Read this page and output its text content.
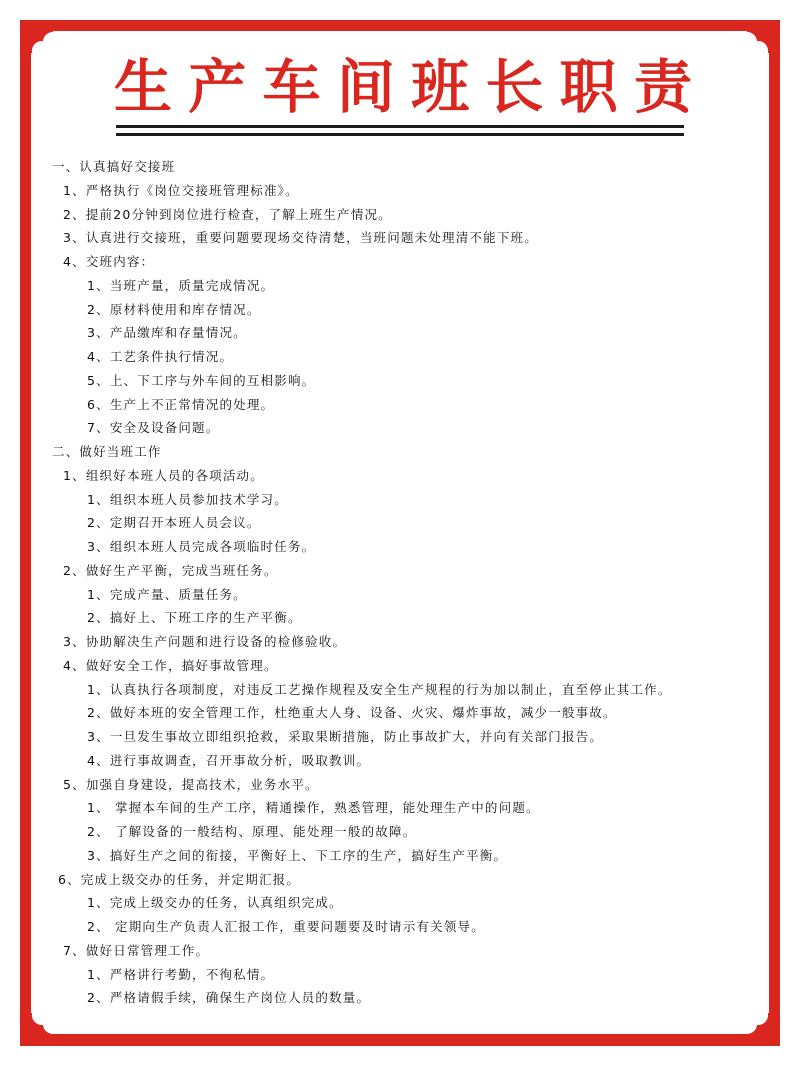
生 产 车 间 班 长 职 责
一、认真搞好交接班
1、严格执行《岗位交接班管理标准》。
2、提前20分钟到岗位进行检查，了解上班生产情况。
3、认真进行交接班，重要问题要现场交待清楚，当班问题未处理清不能下班。
4、交班内容：
1、当班产量，质量完成情况。
2、原材料使用和库存情况。
3、产品缴库和存量情况。
4、工艺条件执行情况。
5、上、下工序与外车间的互相影响。
6、生产上不正常情况的处理。
7、安全及设备问题。
二、做好当班工作
1、组织好本班人员的各项活动。
1、组织本班人员参加技术学习。
2、定期召开本班人员会议。
3、组织本班人员完成各项临时任务。
2、做好生产平衡，完成当班任务。
1、完成产量、质量任务。
2、搞好上、下班工序的生产平衡。
3、协助解决生产问题和进行设备的检修验收。
4、做好安全工作，搞好事故管理。
1、认真执行各项制度，对违反工艺操作规程及安全生产规程的行为加以制止，直至停止其工作。
2、做好本班的安全管理工作，杜绝重大人身、设备、火灾、爆炸事故，减少一般事故。
3、一旦发生事故立即组织抢救，采取果断措施，防止事故扩大，并向有关部门报告。
4、进行事故调查，召开事故分析，吸取教训。
5、加强自身建设，提高技术，业务水平。
1、 掌握本车间的生产工序，精通操作，熟悉管理，能处理生产中的问题。
2、 了解设备的一般结构、原理、能处理一般的故障。
3、搞好生产之间的衔接，平衡好上、下工序的生产，搞好生产平衡。
6、完成上级交办的任务，并定期汇报。
1、完成上级交办的任务，认真组织完成。
2、 定期向生产负责人汇报工作，重要问题要及时请示有关领导。
7、做好日常管理工作。
1、严格讲行考勤，不徇私情。
2、严格请假手续，确保生产岗位人员的数量。
